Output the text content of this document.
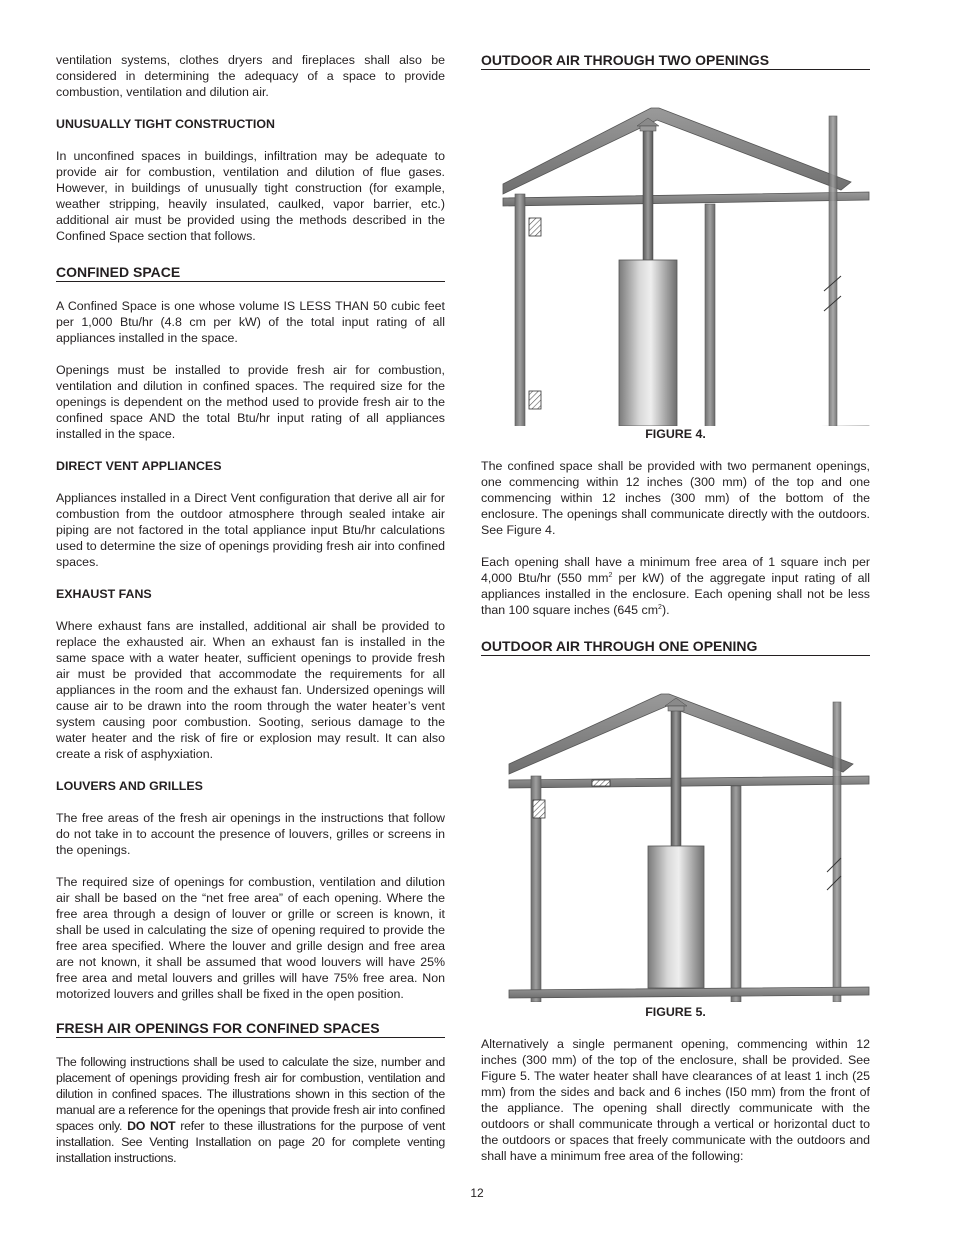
ventilation systems, clothes dryers and fireplaces shall also be considered in determining the adequacy of a space to provide combustion, ventilation and dilution air.

UNUSUALLY TIGHT CONSTRUCTION

In unconfined spaces in buildings, infiltration may be adequate to provide air for combustion, ventilation and dilution of flue gases. However, in buildings of unusually tight construction (for example, weather stripping, heavily insulated, caulked, vapor barrier, etc.) additional air must be provided using the methods described in the Confined Space section that follows.

CONFINED SPACE

A Confined Space is one whose volume IS LESS THAN 50 cubic feet per 1,000 Btu/hr (4.8 cm per kW) of the total input rating of all appliances installed in the space.

Openings must be installed to provide fresh air for combustion, ventilation and dilution in confined spaces. The required size for the openings is dependent on the method used to provide fresh air to the confined space AND the total Btu/hr input rating of all appliances installed in the space.

DIRECT VENT APPLIANCES

Appliances installed in a Direct Vent configuration that derive all air for combustion from the outdoor atmosphere through sealed intake air piping are not factored in the total appliance input Btu/hr calculations used to determine the size of openings providing fresh air into confined spaces.

EXHAUST FANS

Where exhaust fans are installed, additional air shall be provided to replace the exhausted air. When an exhaust fan is installed in the same space with a water heater, sufficient openings to provide fresh air must be provided that accommodate the requirements for all appliances in the room and the exhaust fan. Undersized openings will cause air to be drawn into the room through the water heater’s vent system causing poor combustion. Sooting, serious damage to the water heater and the risk of fire or explosion may result. It can also create a risk of asphyxiation.

LOUVERS AND GRILLES

The free areas of the fresh air openings in the instructions that follow do not take in to account the presence of louvers, grilles or screens in the openings.

The required size of openings for combustion, ventilation and dilution air shall be based on the “net free area” of each opening. Where the free area through a design of louver or grille or screen is known, it shall be used in calculating the size of opening required to provide the free area specified. Where the louver and grille design and free area are not known, it shall be assumed that wood louvers will have 25% free area and metal louvers and grilles will have 75% free area. Non motorized louvers and grilles shall be fixed in the open position.

FRESH AIR OPENINGS FOR CONFINED SPACES

The following instructions shall be used to calculate the size, number and placement of openings providing fresh air for combustion, ventilation and dilution in confined spaces. The illustrations shown in this section of the manual are a reference for the openings that provide fresh air into confined spaces only. DO NOT refer to these illustrations for the purpose of vent installation. See Venting Installation on page 20 for complete venting installation instructions.

OUTDOOR AIR THROUGH TWO OPENINGS
FIGURE 4.

The confined space shall be provided with two permanent openings, one commencing within 12 inches (300 mm) of the top and one commencing within 12 inches (300 mm) of the bottom of the enclosure. The openings shall communicate directly with the outdoors. See Figure 4.

Each opening shall have a minimum free area of 1 square inch per 4,000 Btu/hr (550 $mm^2$ per kW) of the aggregate input rating of all appliances installed in the enclosure. Each opening shall not be less than 100 square inches (645 $cm^2$).

OUTDOOR AIR THROUGH ONE OPENING
FIGURE 5.

Alternatively a single permanent opening, commencing within 12 inches (300 mm) of the top of the enclosure, shall be provided. See Figure 5. The water heater shall have clearances of at least 1 inch (25 mm) from the sides and back and 6 inches (I50 mm) from the front of the appliance. The opening shall directly communicate with the outdoors or shall communicate through a vertical or horizontal duct to the outdoors or spaces that freely communicate with the outdoors and shall have a minimum free area of the following:

12
